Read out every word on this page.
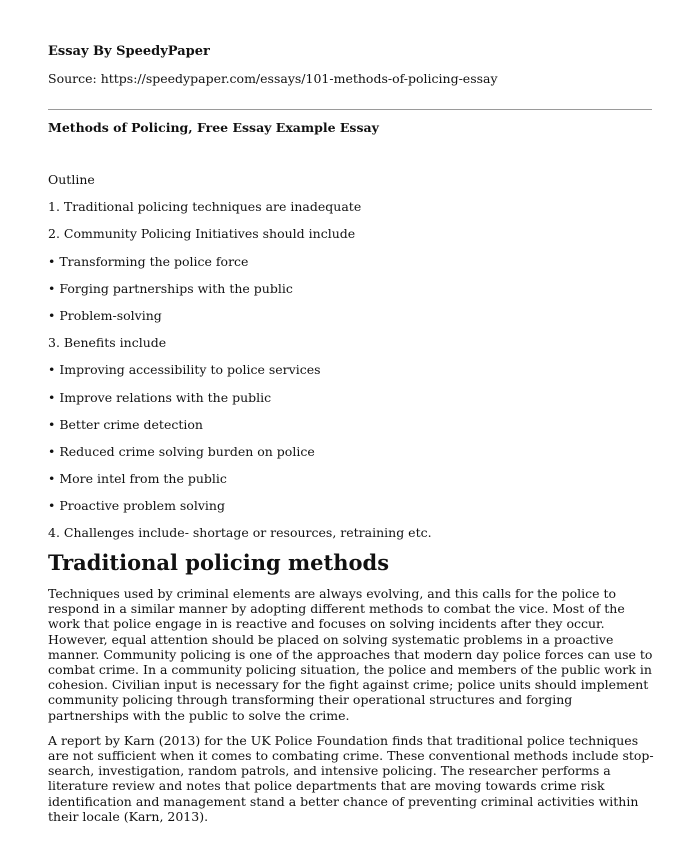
Essay By SpeedyPaper
Source: https://speedypaper.com/essays/101-methods-of-policing-essay
Methods of Policing, Free Essay Example Essay
Outline
1. Traditional policing techniques are inadequate
2. Community Policing Initiatives should include
• Transforming the police force
• Forging partnerships with the public
• Problem-solving
3. Benefits include
• Improving accessibility to police services
• Improve relations with the public
• Better crime detection
• Reduced crime solving burden on police
• More intel from the public
• Proactive problem solving
4. Challenges include- shortage or resources, retraining etc.
Traditional policing methods

Techniques used by criminal elements are always evolving, and this calls for the police to respond in a similar manner by adopting different methods to combat the vice. Most of the work that police engage in is reactive and focuses on solving incidents after they occur. However, equal attention should be placed on solving systematic problems in a proactive manner. Community policing is one of the approaches that modern day police forces can use to combat crime. In a community policing situation, the police and members of the public work in cohesion. Civilian input is necessary for the fight against crime; police units should implement community policing through transforming their operational structures and forging partnerships with the public to solve the crime.

A report by Karn (2013) for the UK Police Foundation finds that traditional police techniques are not sufficient when it comes to combating crime. These conventional methods include stop-search, investigation, random patrols, and intensive policing. The researcher performs a literature review and notes that police departments that are moving towards crime risk identification and management stand a better chance of preventing criminal activities within their locale (Karn, 2013).
